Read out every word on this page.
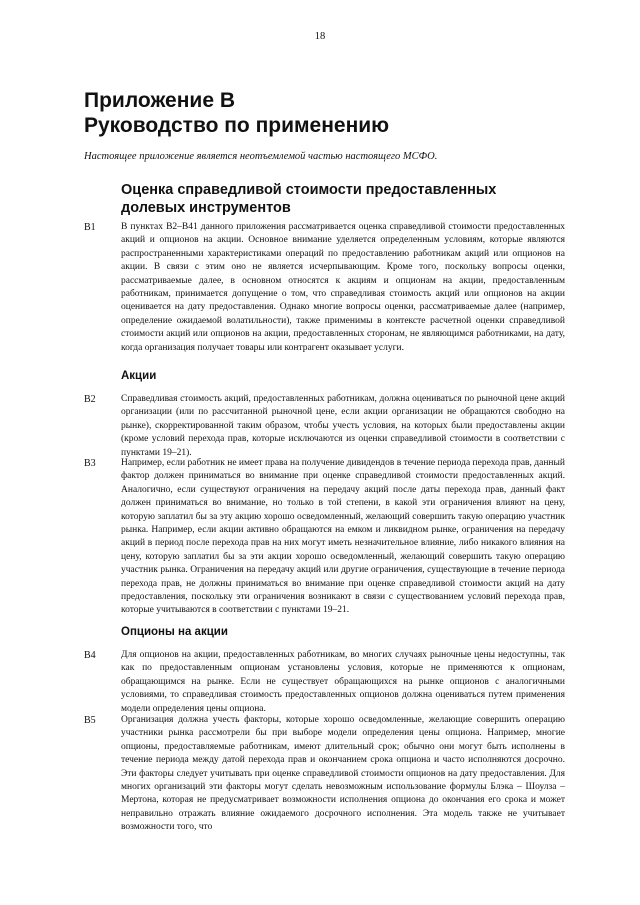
18
Приложение В
Руководство по применению
Настоящее приложение является неотъемлемой частью настоящего МСФО.
Оценка справедливой стоимости предоставленных долевых инструментов
B1	В пунктах B2–B41 данного приложения рассматривается оценка справедливой стоимости предоставленных акций и опционов на акции. Основное внимание уделяется определенным условиям, которые являются распространенными характеристиками операций по предоставлению работникам акций или опционов на акции. В связи с этим оно не является исчерпывающим. Кроме того, поскольку вопросы оценки, рассматриваемые далее, в основном относятся к акциям и опционам на акции, предоставленным работникам, принимается допущение о том, что справедливая стоимость акций или опционов на акции оценивается на дату предоставления. Однако многие вопросы оценки, рассматриваемые далее (например, определение ожидаемой волатильности), также применимы в контексте расчетной оценки справедливой стоимости акций или опционов на акции, предоставленных сторонам, не являющимся работниками, на дату, когда организация получает товары или контрагент оказывает услуги.

Акции
B2	Справедливая стоимость акций, предоставленных работникам, должна оцениваться по рыночной цене акций организации (или по рассчитанной рыночной цене, если акции организации не обращаются свободно на рынке), скорректированной таким образом, чтобы учесть условия, на которых были предоставлены акции (кроме условий перехода прав, которые исключаются из оценки справедливой стоимости в соответствии с пунктами 19–21).

B3	Например, если работник не имеет права на получение дивидендов в течение периода перехода прав, данный фактор должен приниматься во внимание при оценке справедливой стоимости предоставленных акций. Аналогично, если существуют ограничения на передачу акций после даты перехода прав, данный факт должен приниматься во внимание, но только в той степени, в какой эти ограничения влияют на цену, которую заплатил бы за эту акцию хорошо осведомленный, желающий совершить такую операцию участник рынка. Например, если акции активно обращаются на емком и ликвидном рынке, ограничения на передачу акций в период после перехода прав на них могут иметь незначительное влияние, либо никакого влияния на цену, которую заплатил бы за эти акции хорошо осведомленный, желающий совершить такую операцию участник рынка. Ограничения на передачу акций или другие ограничения, существующие в течение периода перехода прав, не должны приниматься во внимание при оценке справедливой стоимости акций на дату предоставления, поскольку эти ограничения возникают в связи с существованием условий перехода прав, которые учитываются в соответствии с пунктами 19–21.

Опционы на акции
B4	Для опционов на акции, предоставленных работникам, во многих случаях рыночные цены недоступны, так как по предоставленным опционам установлены условия, которые не применяются к опционам, обращающимся на рынке. Если не существует обращающихся на рынке опционов с аналогичными условиями, то справедливая стоимость предоставленных опционов должна оцениваться путем применения модели определения цены опциона.

B5	Организация должна учесть факторы, которые хорошо осведомленные, желающие совершить операцию участники рынка рассмотрели бы при выборе модели определения цены опциона. Например, многие опционы, предоставляемые работникам, имеют длительный срок; обычно они могут быть исполнены в течение периода между датой перехода прав и окончанием срока опциона и часто исполняются досрочно. Эти факторы следует учитывать при оценке справедливой стоимости опционов на дату предоставления. Для многих организаций эти факторы могут сделать невозможным использование формулы Блэка – Шоулза – Мертона, которая не предусматривает возможности исполнения опциона до окончания его срока и может неправильно отражать влияние ожидаемого досрочного исполнения. Эта модель также не учитывает возможности того, что
